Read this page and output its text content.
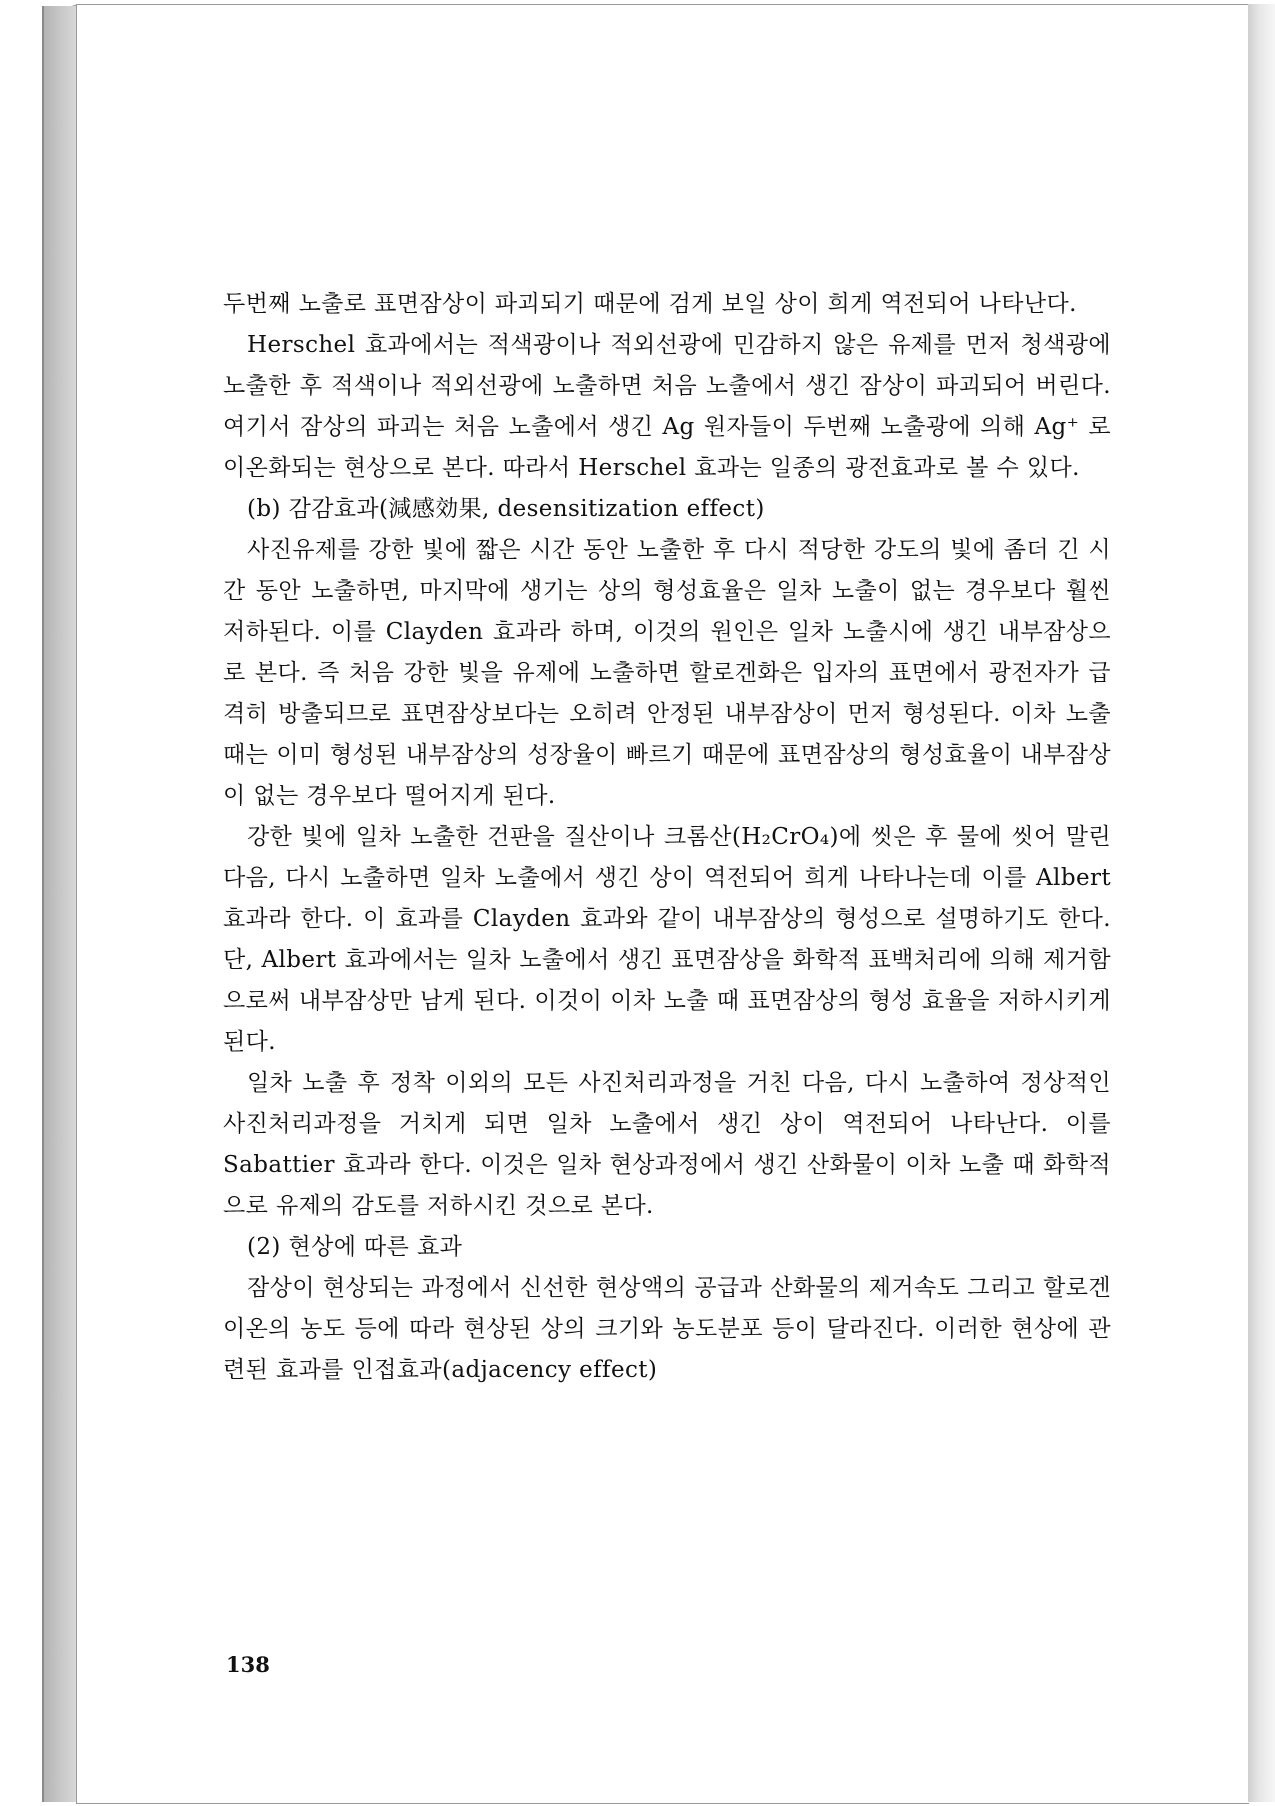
두번째 노출로 표면잠상이 파괴되기 때문에 검게 보일 상이 희게 역전되어 나타난다.

Herschel 효과에서는 적색광이나 적외선광에 민감하지 않은 유제를 먼저 청색광에 노출한 후 적색이나 적외선광에 노출하면 처음 노출에서 생긴 잠상이 파괴되어 버린다. 여기서 잠상의 파괴는 처음 노출에서 생긴 Ag 원자들이 두번째 노출광에 의해 Ag⁺ 로 이온화되는 현상으로 본다. 따라서 Herschel 효과는 일종의 광전효과로 볼 수 있다.

(b) 감감효과(減感効果, desensitization effect)

사진유제를 강한 빛에 짧은 시간 동안 노출한 후 다시 적당한 강도의 빛에 좀더 긴 시간 동안 노출하면, 마지막에 생기는 상의 형성효율은 일차 노출이 없는 경우보다 훨씬 저하된다. 이를 Clayden 효과라 하며, 이것의 원인은 일차 노출시에 생긴 내부잠상으로 본다. 즉 처음 강한 빛을 유제에 노출하면 할로겐화은 입자의 표면에서 광전자가 급격히 방출되므로 표면잠상보다는 오히려 안정된 내부잠상이 먼저 형성된다. 이차 노출 때는 이미 형성된 내부잠상의 성장율이 빠르기 때문에 표면잠상의 형성효율이 내부잠상이 없는 경우보다 떨어지게 된다.

강한 빛에 일차 노출한 건판을 질산이나 크롬산(H₂CrO₄)에 씻은 후 물에 씻어 말린 다음, 다시 노출하면 일차 노출에서 생긴 상이 역전되어 희게 나타나는데 이를 Albert 효과라 한다. 이 효과를 Clayden 효과와 같이 내부잠상의 형성으로 설명하기도 한다. 단, Albert 효과에서는 일차 노출에서 생긴 표면잠상을 화학적 표백처리에 의해 제거함으로써 내부잠상만 남게 된다. 이것이 이차 노출 때 표면잠상의 형성 효율을 저하시키게 된다.

일차 노출 후 정착 이외의 모든 사진처리과정을 거친 다음, 다시 노출하여 정상적인 사진처리과정을 거치게 되면 일차 노출에서 생긴 상이 역전되어 나타난다. 이를 Sabattier 효과라 한다. 이것은 일차 현상과정에서 생긴 산화물이 이차 노출 때 화학적으로 유제의 감도를 저하시킨 것으로 본다.

(2) 현상에 따른 효과

잠상이 현상되는 과정에서 신선한 현상액의 공급과 산화물의 제거속도 그리고 할로겐 이온의 농도 등에 따라 현상된 상의 크기와 농도분포 등이 달라진다. 이러한 현상에 관련된 효과를 인접효과(adjacency effect)

138
